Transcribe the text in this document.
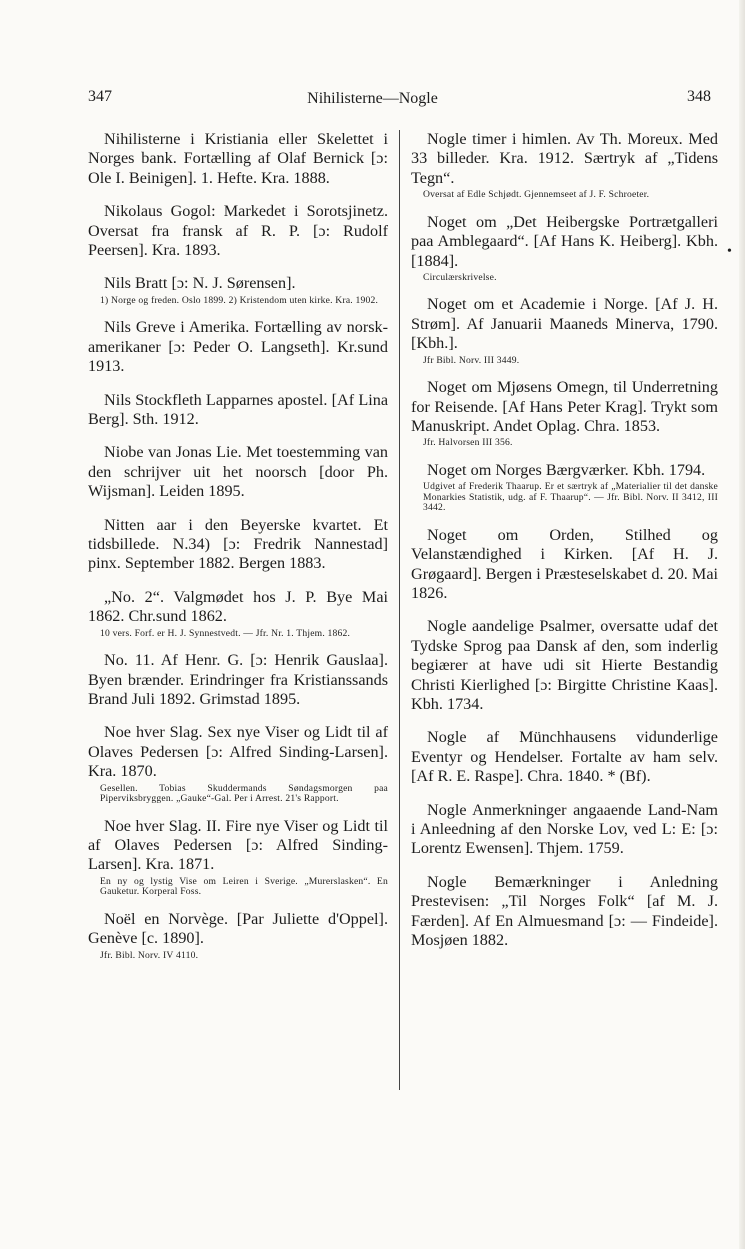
347	Nihilisterne—Nogle	348

Nihilisterne i Kristiania eller Skelettet i Norges bank. Fortælling af Olaf Bernick [ɔ: Ole I. Beinigen]. 1. Hefte. Kra. 1888.

Nikolaus Gogol: Markedet i Sorotsjinetz. Oversat fra fransk af R. P. [ɔ: Rudolf Peersen]. Kra. 1893.

Nils Bratt [ɔ: N. J. Sørensen].

1) Norge og freden. Oslo 1899. 2) Kristendom uten kirke. Kra. 1902.

Nils Greve i Amerika. Fortælling av norsk-amerikaner [ɔ: Peder O. Langseth]. Kr.sund 1913.

Nils Stockfleth Lapparnes apostel. [Af Lina Berg]. Sth. 1912.

Niobe van Jonas Lie. Met toestemming van den schrijver uit het noorsch [door Ph. Wijsman]. Leiden 1895.

Nitten aar i den Beyerske kvartet. Et tidsbillede. N.34) [ɔ: Fredrik Nannestad] pinx. September 1882. Bergen 1883.

„No. 2“. Valgmødet hos J. P. Bye Mai 1862. Chr.sund 1862.

10 vers. Forf. er H. J. Synnestvedt. — Jfr. Nr. 1. Thjem. 1862.

No. 11. Af Henr. G. [ɔ: Henrik Gauslaa]. Byen brænder. Erindringer fra Kristianssands Brand Juli 1892. Grimstad 1895.

Noe hver Slag. Sex nye Viser og Lidt til af Olaves Pedersen [ɔ: Alfred Sinding-Larsen]. Kra. 1870.

Gesellen. Tobias Skuddermands Søndagsmorgen paa Piperviksbryggen. „Gauke“-Gal. Per i Arrest. 21's Rapport.

Noe hver Slag. II. Fire nye Viser og Lidt til af Olaves Pedersen [ɔ: Alfred Sinding-Larsen]. Kra. 1871.

En ny og lystig Vise om Leiren i Sverige. „Murerslasken“. En Gauketur. Korperal Foss.

Noël en Norvège. [Par Juliette d'Oppel]. Genève [c. 1890].

Jfr. Bibl. Norv. IV 4110.

Nogle timer i himlen. Av Th. Moreux. Med 33 billeder. Kra. 1912. Særtryk af „Tidens Tegn“.

Oversat af Edle Schjødt. Gjennemseet af J. F. Schroeter.

Noget om „Det Heibergske Portrætgalleri paa Amblegaard“. [Af Hans K. Heiberg]. Kbh. [1884].

Circulærskrivelse.

Noget om et Academie i Norge. [Af J. H. Strøm]. Af Januarii Maaneds Minerva, 1790. [Kbh.].

Jfr Bibl. Norv. III 3449.

Noget om Mjøsens Omegn, til Underretning for Reisende. [Af Hans Peter Krag]. Trykt som Manuskript. Andet Oplag. Chra. 1853.

Jfr. Halvorsen III 356.

Noget om Norges Bærgværker. Kbh. 1794.

Udgivet af Frederik Thaarup. Er et særtryk af „Materialier til det danske Monarkies Statistik, udg. af F. Thaarup“. — Jfr. Bibl. Norv. II 3412, III 3442.

Noget om Orden, Stilhed og Velanstændighed i Kirken. [Af H. J. Grøgaard]. Bergen i Præsteselskabet d. 20. Mai 1826.

Nogle aandelige Psalmer, oversatte udaf det Tydske Sprog paa Dansk af den, som inderlig begiærer at have udi sit Hierte Bestandig Christi Kierlighed [ɔ: Birgitte Christine Kaas]. Kbh. 1734.

Nogle af Münchhausens vidunderlige Eventyr og Hendelser. Fortalte av ham selv. [Af R. E. Raspe]. Chra. 1840. * (Bf).

Nogle Anmerkninger angaaende Land-Nam i Anleedning af den Norske Lov, ved L: E: [ɔ: Lorentz Ewensen]. Thjem. 1759.

Nogle Bemærkninger i Anledning Prestevisen: „Til Norges Folk“ [af M. J. Færden]. Af En Almuesmand [ɔ: — Findeide]. Mosjøen 1882.

•
